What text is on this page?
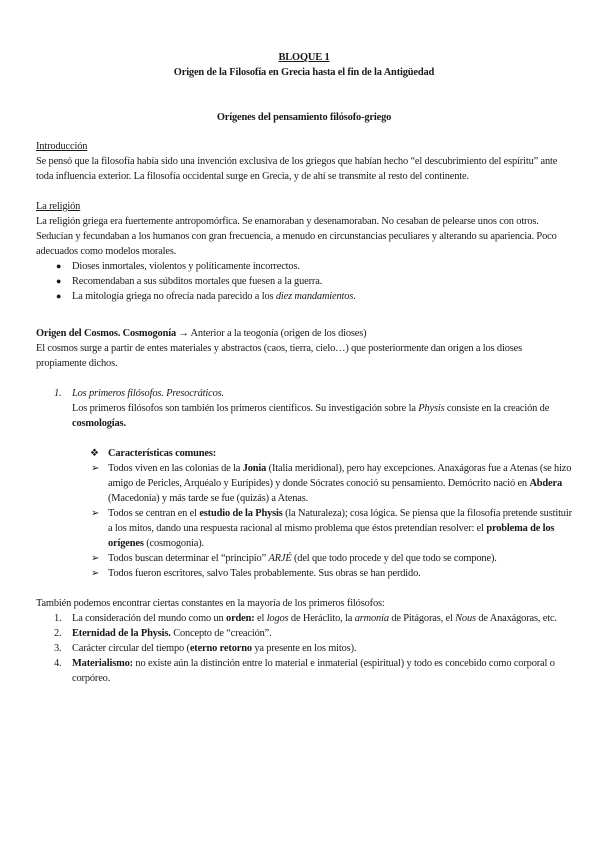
BLOQUE 1

Origen de la Filosofía en Grecia hasta el fin de la Antigüedad

Orígenes del pensamiento filósofo-griego

Introducción

Se pensó que la filosofía había sido una invención exclusiva de los griegos que habían hecho “el descubrimiento del espíritu” ante toda influencia exterior. La filosofía occidental surge en Grecia, y de ahí se transmite al resto del continente.

La religión

La religión griega era fuertemente antropomórfica. Se enamoraban y desenamoraban. No cesaban de pelearse unos con otros. Seducían y fecundaban a los humanos con gran frecuencia, a menudo en circunstancias peculiares y alterando su apariencia. Poco adecuados como modelos morales.

● Dioses inmortales, violentos y políticamente incorrectos.
● Recomendaban a sus súbditos mortales que fuesen a la guerra.
● La mitología griega no ofrecía nada parecido a los diez mandamientos.

Origen del Cosmos. Cosmogonía → Anterior a la teogonía (origen de los dioses)

El cosmos surge a partir de entes materiales y abstractos (caos, tierra, cielo…) que posteriormente dan origen a los dioses propiamente dichos.

1. Los primeros filósofos. Presocráticos.

Los primeros filósofos son también los primeros científicos. Su investigación sobre la Physis consiste en la creación de cosmologías.

❖ Características comunes:
➢ Todos viven en las colonias de la Jonia (Italia meridional), pero hay excepciones. Anaxágoras fue a Atenas (se hizo amigo de Pericles, Arquéalo y Eurípides) y donde Sócrates conoció su pensamiento. Demócrito nació en Abdera (Macedonia) y más tarde se fue (quizás) a Atenas.
➢ Todos se centran en el estudio de la Physis (la Naturaleza); cosa lógica. Se piensa que la filosofía pretende sustituir a los mitos, dando una respuesta racional al mismo problema que éstos pretendían resolver: el problema de los orígenes (cosmogonía).
➢ Todos buscan determinar el “principio” ARJÉ (del que todo procede y del que todo se compone).
➢ Todos fueron escritores, salvo Tales probablemente. Sus obras se han perdido.

También podemos encontrar ciertas constantes en la mayoría de los primeros filósofos:

1. La consideración del mundo como un orden: el logos de Heráclito, la armonía de Pitágoras, el Nous de Anaxágoras, etc.
2. Eternidad de la Physis. Concepto de “creación”.
3. Carácter circular del tiempo (eterno retorno ya presente en los mitos).
4. Materialismo: no existe aún la distinción entre lo material e inmaterial (espiritual) y todo es concebido como corporal o corpóreo.
